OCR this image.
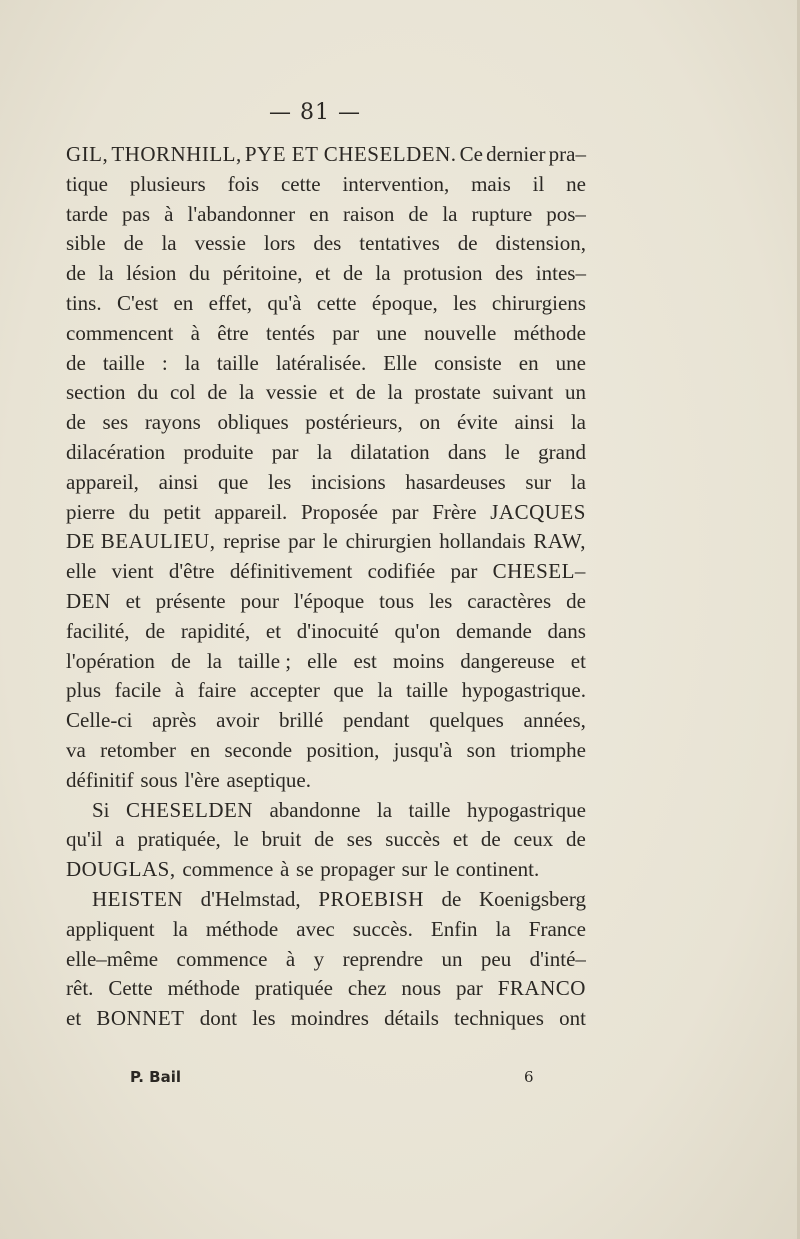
— 81 —
GIL, THORNHILL, PYE ET CHESELDEN. Ce dernier pra–
tique plusieurs fois cette intervention, mais il ne
tarde pas à l'abandonner en raison de la rupture pos–
sible de la vessie lors des tentatives de distension,
de la lésion du péritoine, et de la protusion des intes–
tins. C'est en effet, qu'à cette époque, les chirurgiens
commencent à être tentés par une nouvelle méthode
de taille : la taille latéralisée. Elle consiste en une
section du col de la vessie et de la prostate suivant un
de ses rayons obliques postérieurs, on évite ainsi la
dilacération produite par la dilatation dans le grand
appareil, ainsi que les incisions hasardeuses sur la
pierre du petit appareil. Proposée par Frère JACQUES
DE BEAULIEU, reprise par le chirurgien hollandais RAW,
elle vient d'être définitivement codifiée par CHESEL–
DEN et présente pour l'époque tous les caractères de
facilité, de rapidité, et d'inocuité qu'on demande dans
l'opération de la taille ; elle est moins dangereuse et
plus facile à faire accepter que la taille hypogastrique.
Celle-ci après avoir brillé pendant quelques années,
va retomber en seconde position, jusqu'à son triomphe
définitif sous l'ère aseptique.
Si CHESELDEN abandonne la taille hypogastrique
qu'il a pratiquée, le bruit de ses succès et de ceux de
DOUGLAS, commence à se propager sur le continent.
HEISTEN d'Helmstad, PROEBISH de Koenigsberg
appliquent la méthode avec succès. Enfin la France
elle–même commence à y reprendre un peu d'inté–
rêt. Cette méthode pratiquée chez nous par FRANCO
et BONNET dont les moindres détails techniques ont
P. Bail	6
